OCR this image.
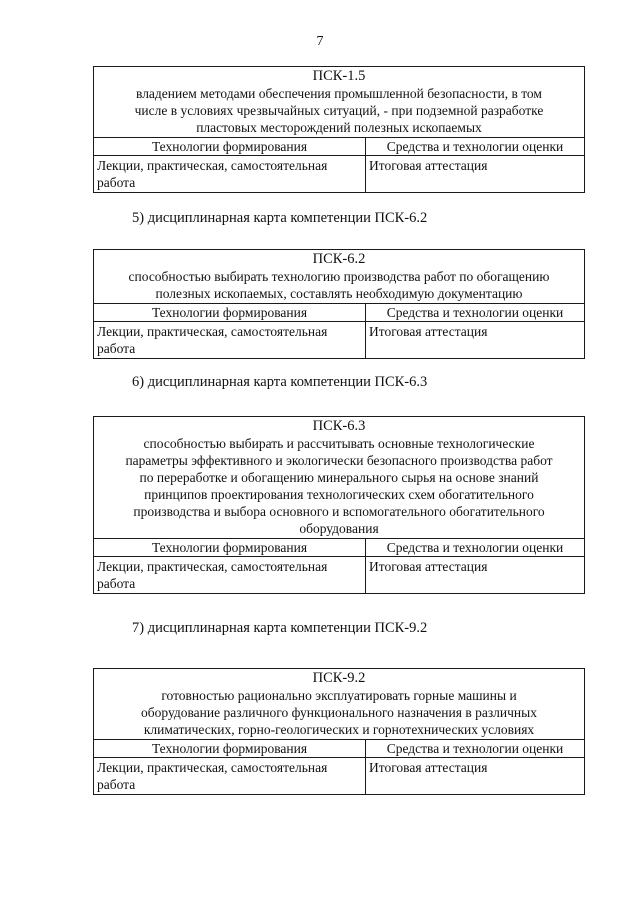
7
ПСК-1.5
владением методами обеспечения промышленной безопасности, в том
числе в условиях чрезвычайных ситуаций, - при подземной разработке
пластовых месторождений полезных ископаемых
Технологии формирования
Лекции, практическая, самостоятельная
работа
Средства и технологии оценки
Итоговая аттестация
5) дисциплинарная карта компетенции ПСК-6.2
ПСК-6.2
способностью выбирать технологию производства работ по обогащению
полезных ископаемых, составлять необходимую документацию
Технологии формирования
Лекции, практическая, самостоятельная
работа
Средства и технологии оценки
Итоговая аттестация
6) дисциплинарная карта компетенции ПСК-6.3
ПСК-6.3
способностью выбирать и рассчитывать основные технологические
параметры эффективного и экологически безопасного производства работ
по переработке и обогащению минерального сырья на основе знаний
принципов проектирования технологических схем обогатительного
производства и выбора основного и вспомогательного обогатительного
оборудования
Технологии формирования
Лекции, практическая, самостоятельная
работа
Средства и технологии оценки
Итоговая аттестация
7) дисциплинарная карта компетенции ПСК-9.2
ПСК-9.2
готовностью рационально эксплуатировать горные машины и
оборудование различного функционального назначения в различных
климатических, горно-геологических и горнотехнических условиях
Технологии формирования
Лекции, практическая, самостоятельная
работа
Средства и технологии оценки
Итоговая аттестация
